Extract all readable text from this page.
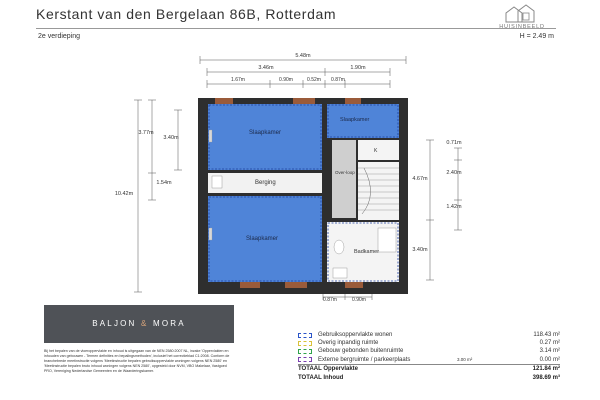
Kerstant van den Bergelaan 86B, Rotterdam
2e verdieping	H = 2.49 m
HUISINBEELD
5.48m
3.46m	1.90m
1.67m	0.90m	0.52m 0.87m
3.77m
3.40m
1.54m
10.42m
0.71m
4.67m
2.40m
1.42m
3.40m
0.87m	0.90m
Slaapkamer
Berging
Slaapkamer
Slaapkamer
Over-loop
K
Badkamer
BALJON & MORA
Bij het bepalen van de vloeroppervlakte en inhoud is uitgegaan van de NEN 2580:2007 NL, inzake 'Oppervlakten en inhouden van gebouwen - Termen definities en bepalingsmethoden', inclusief het correctieblad C1:2008. Conform de branchebrede meetinstructie volgens 'Meetinstructie bepalen gebruiksoppervlakte woningen volgens NEN 2580' en 'Meetinstructie bepalen bruto inhoud woningen volgens NEN 2580', opgesteld door NVM, VBO Makelaar, Vastgoed PRO, Vereniging Nederlandse Gemeenten en de Waarderingskamer.
Gebruiksoppervlakte wonen	118.43 m²
Overig inpandig ruimte	0.27 m²
Gebouw gebonden buitenruimte	3.14 m²
Externe bergruimte / parkeerplaats	3.00 m²	0.00 m²
TOTAAL Oppervlakte	121.84 m²
TOTAAL Inhoud	398.69 m³
